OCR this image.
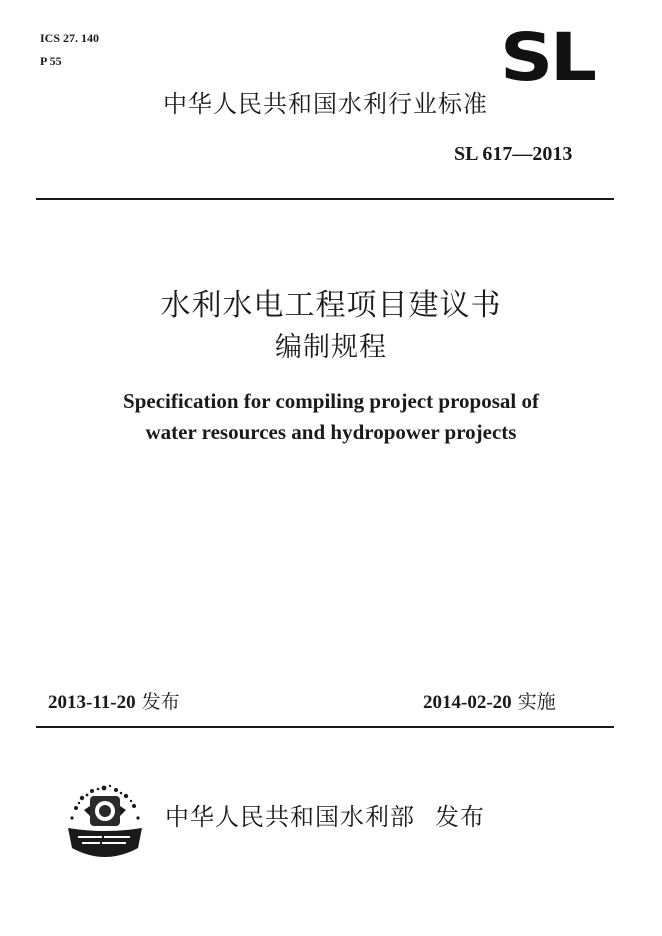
ICS 27. 140
P 55	SL
中华人民共和国水利行业标准
SL 617—2013
水利水电工程项目建议书
编制规程
Specification for compiling project proposal of
water resources and hydropower projects
2013-11-20 发布	2014-02-20 实施
中华人民共和国水利部 发布
